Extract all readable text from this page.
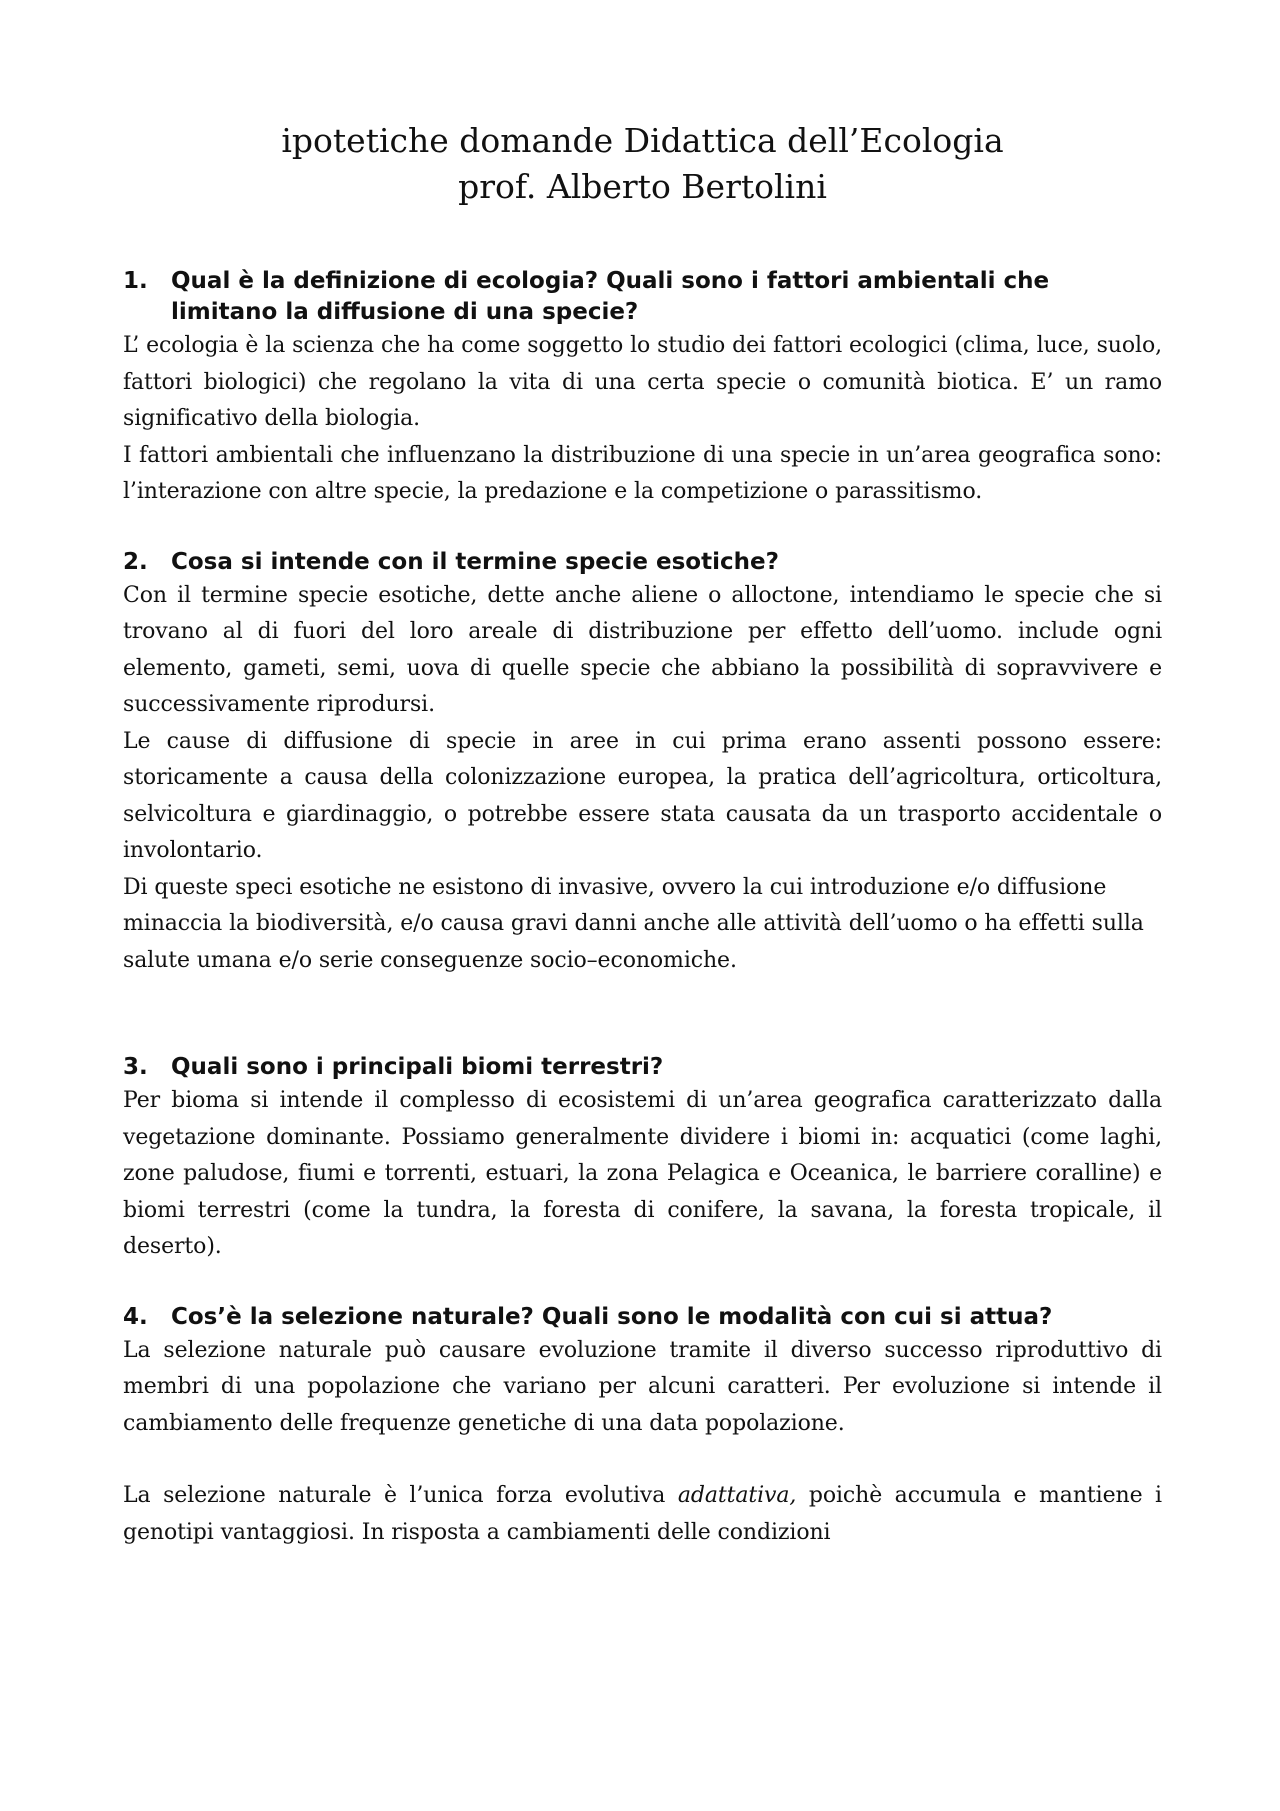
ipotetiche domande Didattica dell’Ecologia
prof. Alberto Bertolini
1.	Qual è la definizione di ecologia? Quali sono i fattori ambientali che limitano la diffusione di una specie?

L’ ecologia è la scienza che ha come soggetto lo studio dei fattori ecologici (clima, luce, suolo, fattori biologici) che regolano la vita di una certa specie o comunità biotica. E’ un ramo significativo della biologia.

I fattori ambientali che influenzano la distribuzione di una specie in un’area geografica sono: l’interazione con altre specie, la predazione e la competizione o parassitismo.

2.	Cosa si intende con il termine specie esotiche?

Con il termine specie esotiche, dette anche aliene o alloctone, intendiamo le specie che si trovano al di fuori del loro areale di distribuzione per effetto dell’uomo. include ogni elemento, gameti, semi, uova di quelle specie che abbiano la possibilità di sopravvivere e successivamente riprodursi.

Le cause di diffusione di specie in aree in cui prima erano assenti possono essere: storicamente a causa della colonizzazione europea, la pratica dell’agricoltura, orticoltura, selvicoltura e giardinaggio, o potrebbe essere stata causata da un trasporto accidentale o involontario.

Di queste speci esotiche ne esistono di invasive, ovvero la cui introduzione e/o diffusione minaccia la biodiversità, e/o causa gravi danni anche alle attività dell’uomo o ha effetti sulla salute umana e/o serie conseguenze socio–economiche.

3.	Quali sono i principali biomi terrestri?

Per bioma si intende il complesso di ecosistemi di un’area geografica caratterizzato dalla vegetazione dominante. Possiamo generalmente dividere i biomi in: acquatici (come laghi, zone paludose, fiumi e torrenti, estuari, la zona Pelagica e Oceanica, le barriere coralline) e biomi terrestri (come la tundra, la foresta di conifere, la savana, la foresta tropicale, il deserto).

4.	Cos’è la selezione naturale? Quali sono le modalità con cui si attua?

La selezione naturale può causare evoluzione tramite il diverso successo riproduttivo di membri di una popolazione che variano per alcuni caratteri. Per evoluzione si intende il cambiamento delle frequenze genetiche di una data popolazione.

La selezione naturale è l’unica forza evolutiva adattativa, poichè accumula e mantiene i genotipi vantaggiosi. In risposta a cambiamenti delle condizioni
